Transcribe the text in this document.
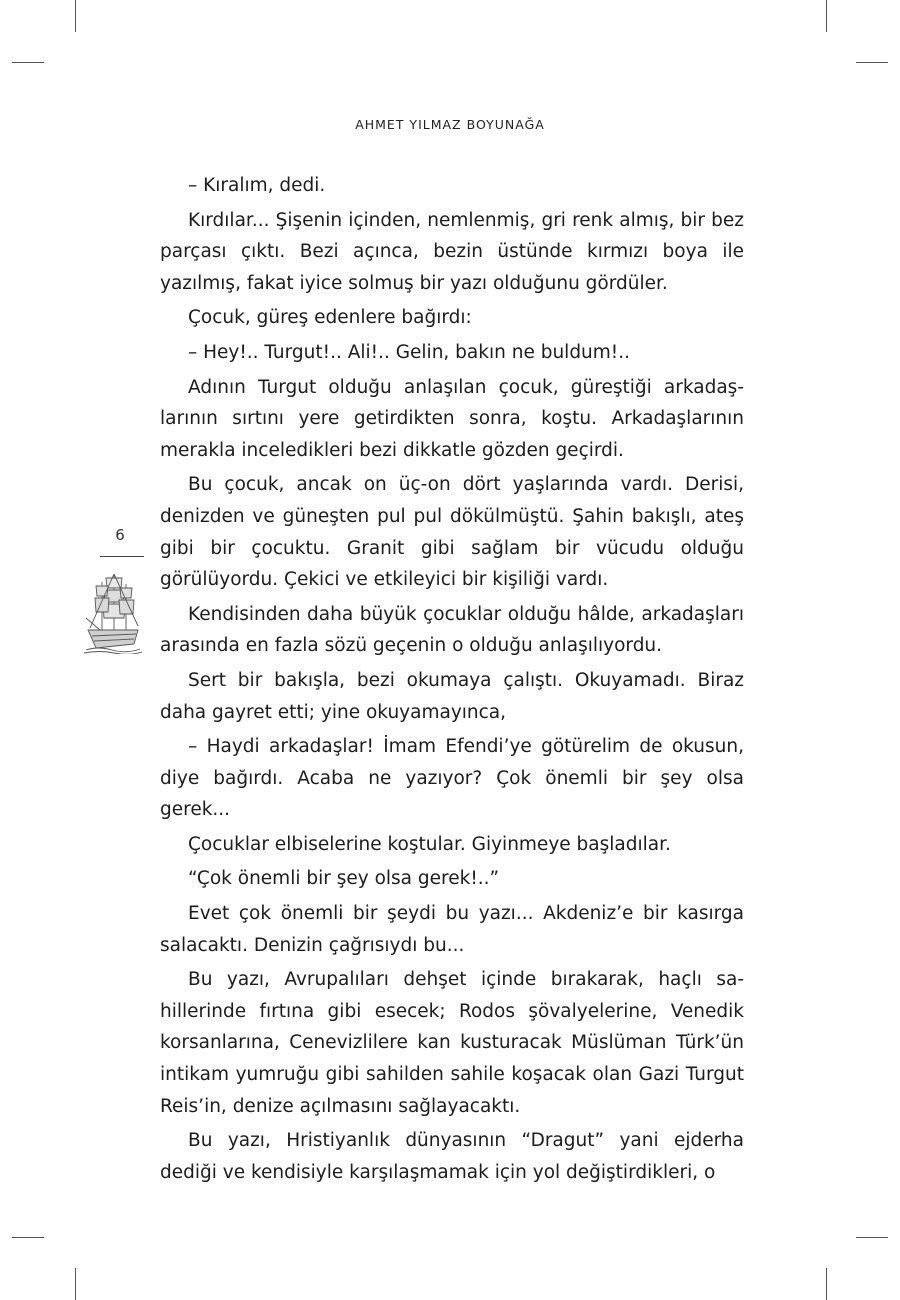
AHMET YILMAZ BOYUNAĞA
6

– Kıralım, dedi.

Kırdılar... Şişenin içinden, nemlenmiş, gri renk almış, bir bez parçası çıktı. Bezi açınca, bezin üstünde kırmızı boya ile yazılmış, fakat iyice solmuş bir yazı olduğunu gördüler.

Çocuk, güreş edenlere bağırdı:

– Hey!.. Turgut!.. Ali!.. Gelin, bakın ne buldum!..

Adının Turgut olduğu anlaşılan çocuk, güreştiği arkadaşlarının sırtını yere getirdikten sonra, koştu. Arkadaşlarının merakla inceledikleri bezi dikkatle gözden geçirdi.

Bu çocuk, ancak on üç-on dört yaşlarında vardı. Derisi, denizden ve güneşten pul pul dökülmüştü. Şahin bakışlı, ateş gibi bir çocuktu. Granit gibi sağlam bir vücudu olduğu görülüyordu. Çekici ve etkileyici bir kişiliği vardı.

Kendisinden daha büyük çocuklar olduğu hâlde, arkadaşları arasında en fazla sözü geçenin o olduğu anlaşılıyordu.

Sert bir bakışla, bezi okumaya çalıştı. Okuyamadı. Biraz daha gayret etti; yine okuyamayınca,

– Haydi arkadaşlar! İmam Efendi’ye götürelim de okusun, diye bağırdı. Acaba ne yazıyor? Çok önemli bir şey olsa gerek...

Çocuklar elbiselerine koştular. Giyinmeye başladılar.

“Çok önemli bir şey olsa gerek!..”

Evet çok önemli bir şeydi bu yazı... Akdeniz’e bir kasırga salacaktı. Denizin çağrısıydı bu...

Bu yazı, Avrupalıları dehşet içinde bırakarak, haçlı sahillerinde fırtına gibi esecek; Rodos şövalyelerine, Venedik korsanlarına, Cenevizlilere kan kusturacak Müslüman Türk’ün intikam yumruğu gibi sahilden sahile koşacak olan Gazi Turgut Reis’in, denize açılmasını sağlayacaktı.

Bu yazı, Hristiyanlık dünyasının “Dragut” yani ejderha dediği ve kendisiyle karşılaşmamak için yol değiştirdikleri, o
